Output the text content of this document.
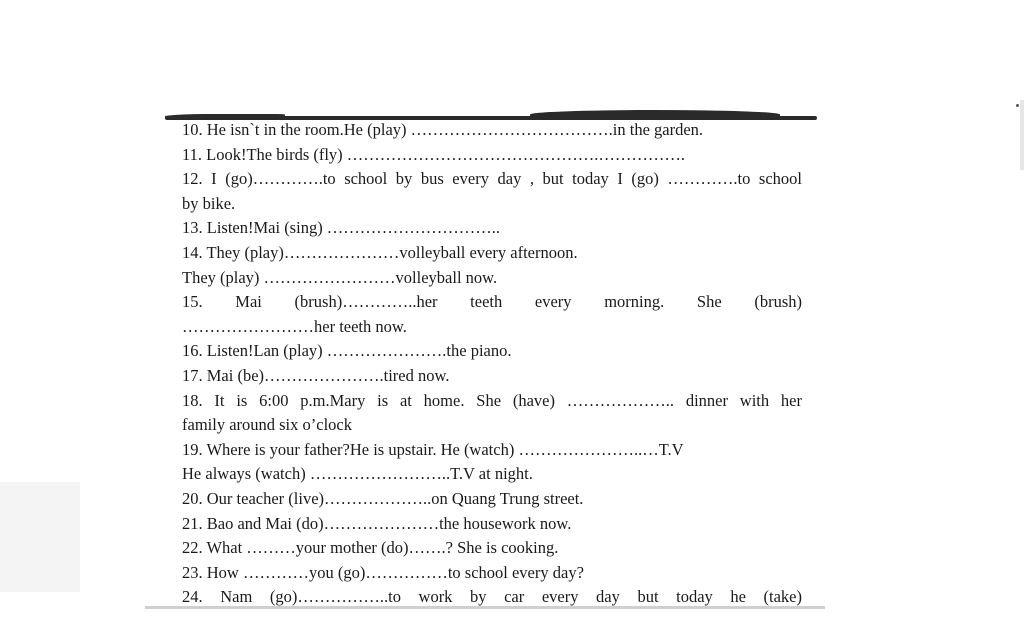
10. He isn`t in the room.He (play) ……………………………….in the garden.
11. Look!The birds (fly) ……………………………………….…………….
12. I (go)………….to school by bus every day , but today I (go) ………….to school
by bike.
13. Listen!Mai (sing) …………………………..
14. They (play)…………………volleyball every afternoon.
They (play) ……………………volleyball now.
15. Mai (brush)…………..her teeth every morning. She (brush)
……………………her teeth now.
16. Listen!Lan (play) ………………….the piano.
17. Mai (be)………………….tired now.
18. It is 6:00 p.m.Mary is at home. She (have) ……………….. dinner with her
family around six o’clock
19. Where is your father?He is upstair. He (watch) …………………..…T.V
He always (watch) ……………………..T.V at night.
20. Our teacher (live)………………..on Quang Trung street.
21. Bao and Mai (do)…………………the housework now.
22. What ………your mother (do)…….? She is cooking.
23. How …………you (go)……………to school every day?
24. Nam (go)……………..to work by car every day but today he (take)
